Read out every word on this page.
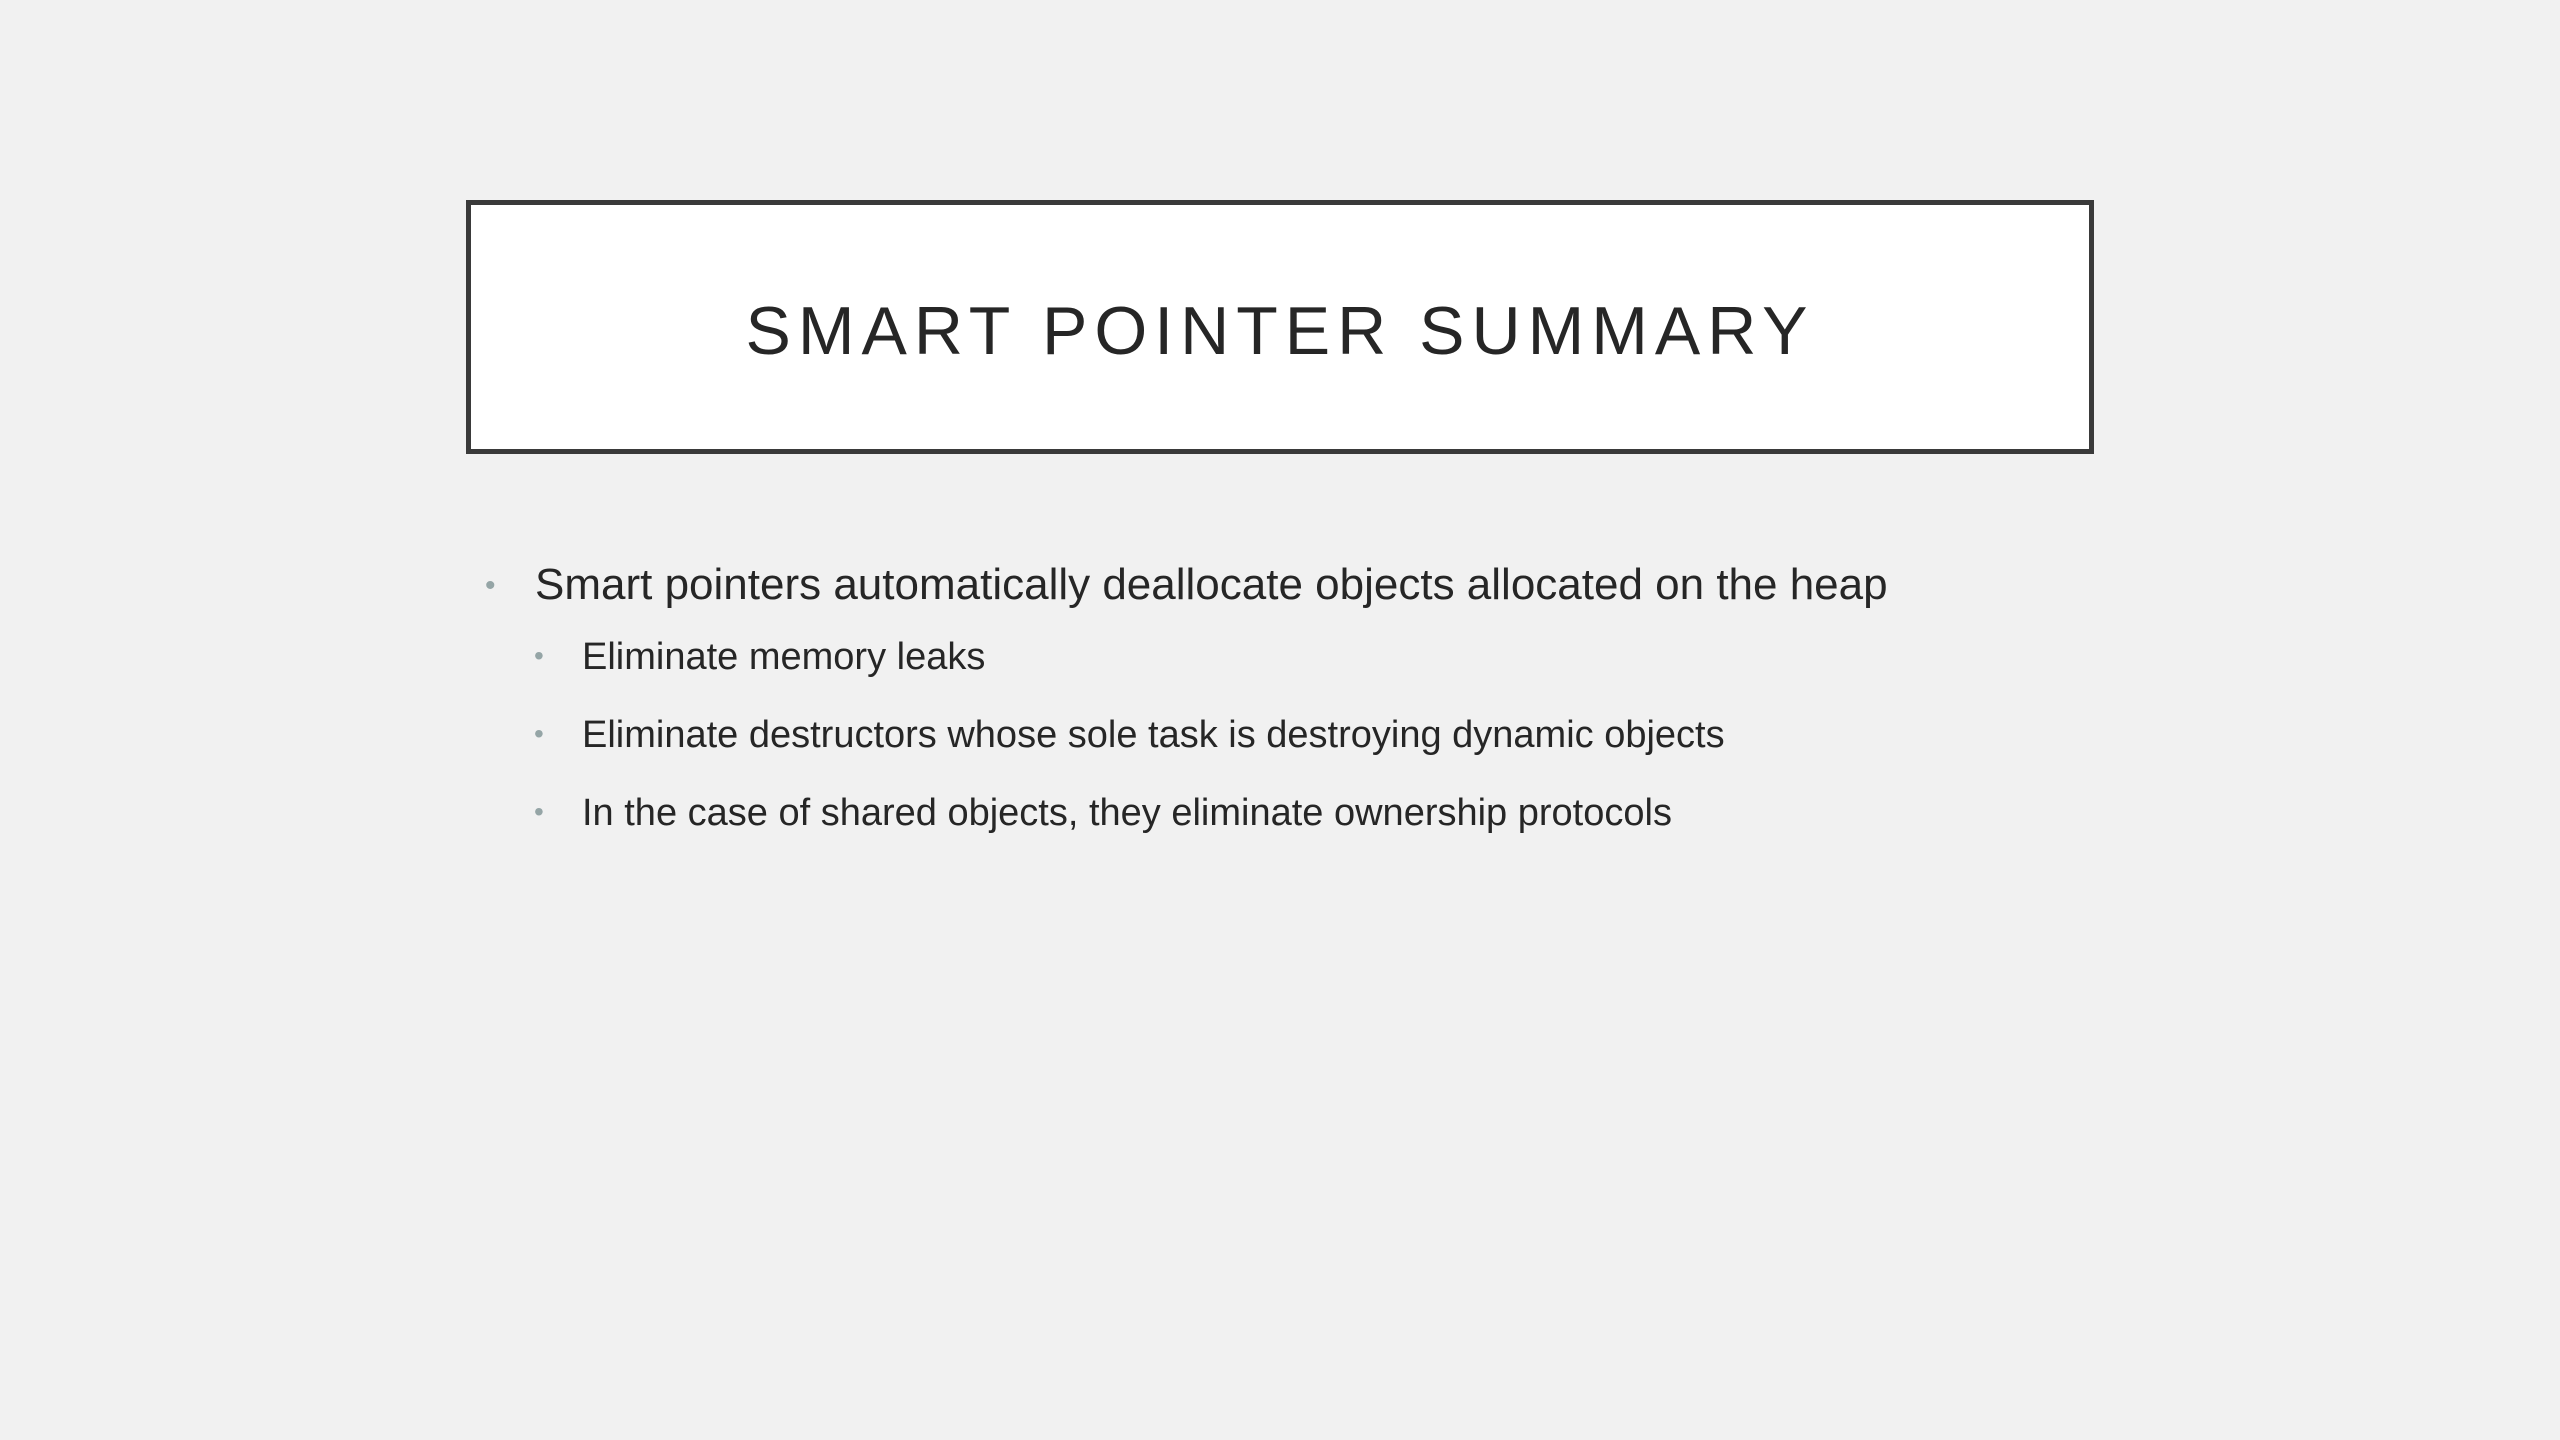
SMART POINTER SUMMARY
• Smart pointers automatically deallocate objects allocated on the heap
•	Eliminate memory leaks
•	Eliminate destructors whose sole task is destroying dynamic objects
•	In the case of shared objects, they eliminate ownership protocols
